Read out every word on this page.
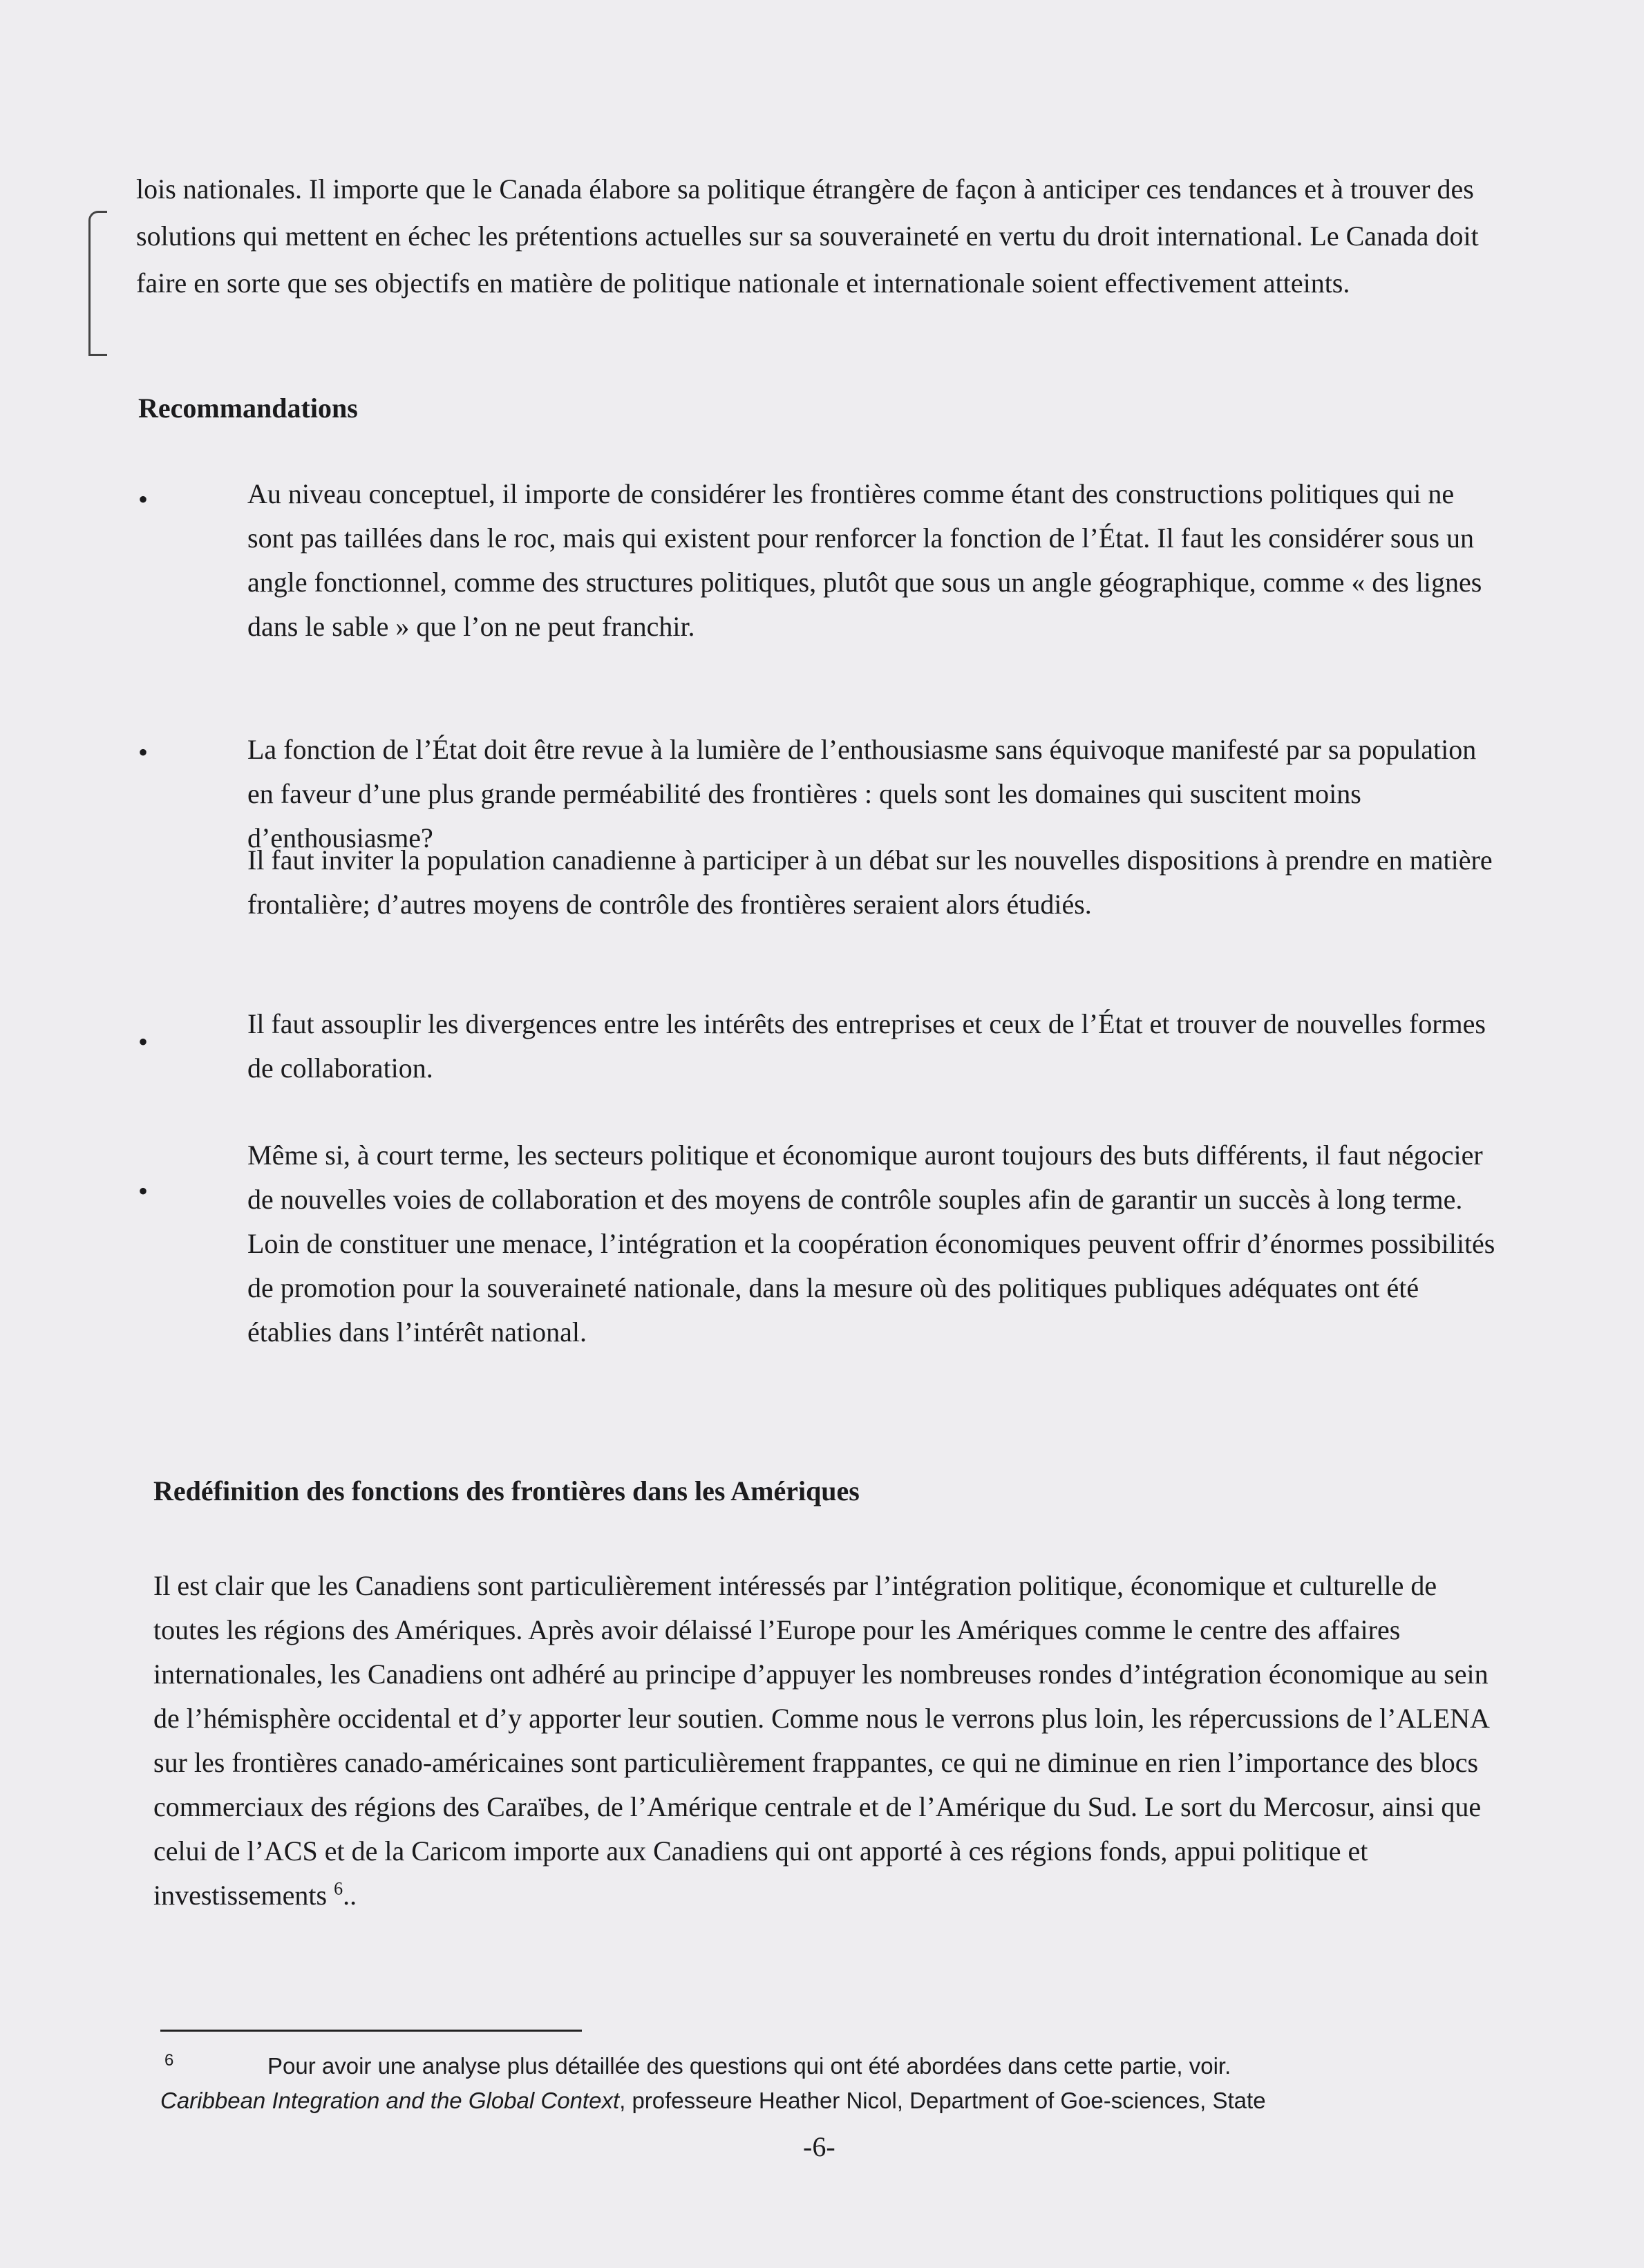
lois nationales. Il importe que le Canada élabore sa politique étrangère de façon à anticiper ces tendances et à trouver des solutions qui mettent en échec les prétentions actuelles sur sa souveraineté en vertu du droit international. Le Canada doit faire en sorte que ses objectifs en matière de politique nationale et internationale soient effectivement atteints.

Recommandations
•	Au niveau conceptuel, il importe de considérer les frontières comme étant des constructions politiques qui ne sont pas taillées dans le roc, mais qui existent pour renforcer la fonction de l’État. Il faut les considérer sous un angle fonctionnel, comme des structures politiques, plutôt que sous un angle géographique, comme « des lignes dans le sable » que l’on ne peut franchir.

•	La fonction de l’État doit être revue à la lumière de l’enthousiasme sans équivoque manifesté par sa population en faveur d’une plus grande perméabilité des frontières : quels sont les domaines qui suscitent moins d’enthousiasme?

Il faut inviter la population canadienne à participer à un débat sur les nouvelles dispositions à prendre en matière frontalière; d’autres moyens de contrôle des frontières seraient alors étudiés.

•

Il faut assouplir les divergences entre les intérêts des entreprises et ceux de l’État et trouver de nouvelles formes de collaboration.

•

Même si, à court terme, les secteurs politique et économique auront toujours des buts différents, il faut négocier de nouvelles voies de collaboration et des moyens de contrôle souples afin de garantir un succès à long terme. Loin de constituer une menace, l’intégration et la coopération économiques peuvent offrir d’énormes possibilités de promotion pour la souveraineté nationale, dans la mesure où des politiques publiques adéquates ont été établies dans l’intérêt national.

Redéfinition des fonctions des frontières dans les Amériques

Il est clair que les Canadiens sont particulièrement intéressés par l’intégration politique, économique et culturelle de toutes les régions des Amériques. Après avoir délaissé l’Europe pour les Amériques comme le centre des affaires internationales, les Canadiens ont adhéré au principe d’appuyer les nombreuses rondes d’intégration économique au sein de l’hémisphère occidental et d’y apporter leur soutien. Comme nous le verrons plus loin, les répercussions de l’ALENA sur les frontières canado-américaines sont particulièrement frappantes, ce qui ne diminue en rien l’importance des blocs commerciaux des régions des Caraïbes, de l’Amérique centrale et de l’Amérique du Sud. Le sort du Mercosur, ainsi que celui de l’ACS et de la Caricom importe aux Canadiens qui ont apporté à ces régions fonds, appui politique et investissements $^6$..

6	Pour avoir une analyse plus détaillée des questions qui ont été abordées dans cette partie, voir.

Caribbean Integration and the Global Context, professeure Heather Nicol, Department of Goe-sciences, State

-6-
